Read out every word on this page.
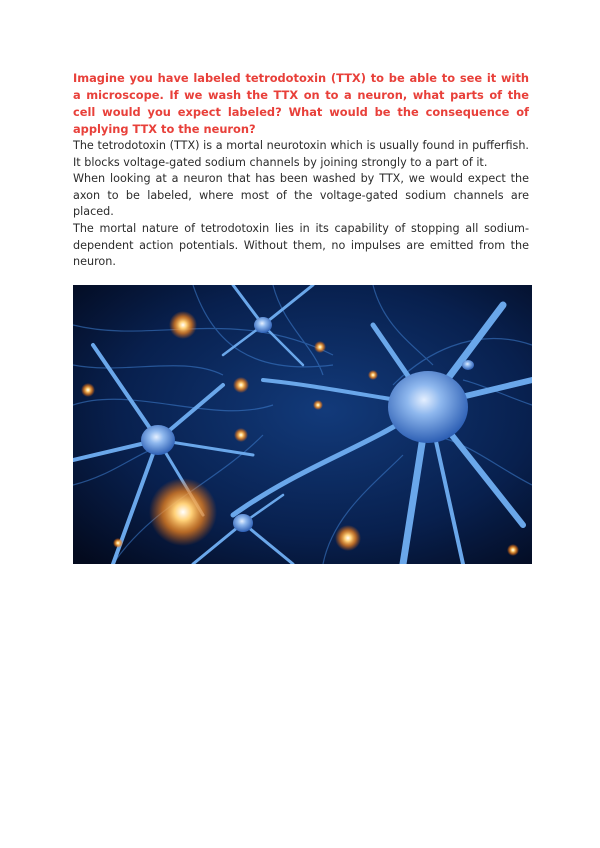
Imagine you have labeled tetrodotoxin (TTX) to be able to see it with a microscope. If we wash the TTX on to a neuron, what parts of the cell would you expect labeled? What would be the consequence of applying TTX to the neuron?

The tetrodotoxin (TTX) is a mortal neurotoxin which is usually found in pufferfish. It blocks voltage-gated sodium channels by joining strongly to a part of it.

When looking at a neuron that has been washed by TTX, we would expect the axon to be labeled, where most of the voltage-gated sodium channels are placed.

The mortal nature of tetrodotoxin lies in its capability of stopping all sodium-dependent action potentials. Without them, no impulses are emitted from the neuron.
